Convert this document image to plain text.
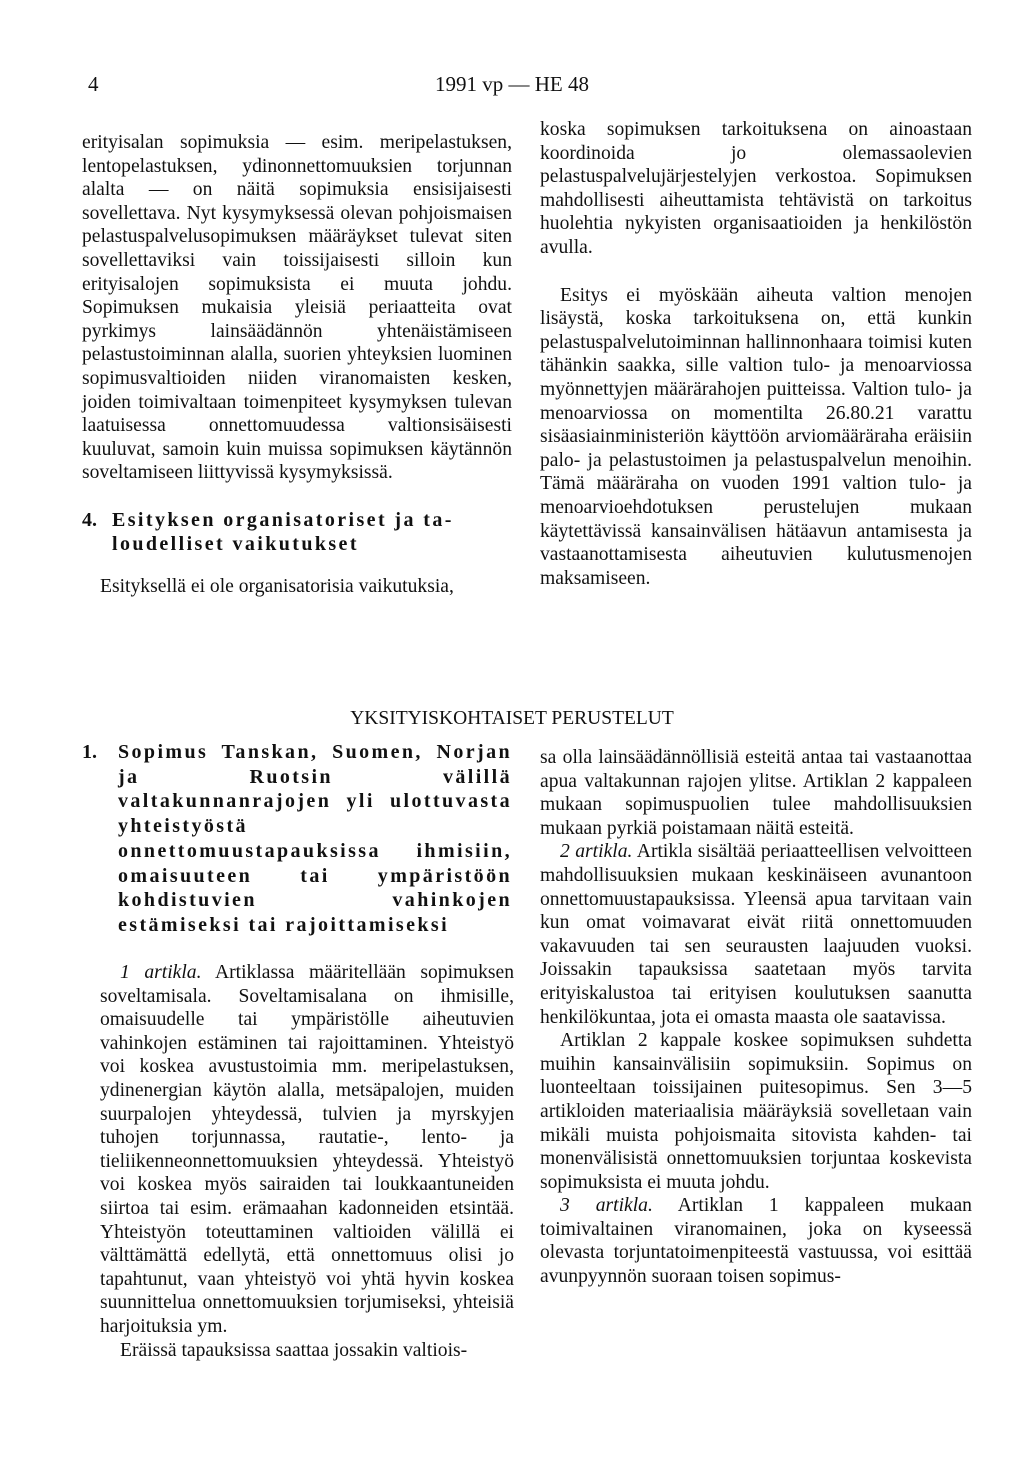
4	1991 vp — HE 48

erityisalan sopimuksia — esim. meripelastuksen, lentopelastuksen, ydinonnettomuuksien torjunnan alalta — on näitä sopimuksia ensisijaisesti sovellettava. Nyt kysymyksessä olevan pohjoismaisen pelastuspalvelusopimuksen määräykset tulevat siten sovellettaviksi vain toissijaisesti silloin kun erityisalojen sopimuksista ei muuta johdu. Sopimuksen mukaisia yleisiä periaatteita ovat pyrkimys lainsäädännön yhtenäistämiseen pelastustoiminnan alalla, suorien yhteyksien luominen sopimusvaltioiden niiden viranomaisten kesken, joiden toimivaltaan toimenpiteet kysymyksen tulevan laatuisessa onnettomuudessa valtionsisäisesti kuuluvat, samoin kuin muissa sopimuksen käytännön soveltamiseen liittyvissä kysymyksissä.

4. Esityksen organisatoriset ja ta-
loudelliset vaikutukset
Esityksellä ei ole organisatorisia vaikutuksia,

koska sopimuksen tarkoituksena on ainoastaan koordinoida jo olemassaolevien pelastuspalvelujärjestelyjen verkostoa. Sopimuksen mahdollisesti aiheuttamista tehtävistä on tarkoitus huolehtia nykyisten organisaatioiden ja henkilöstön avulla.

Esitys ei myöskään aiheuta valtion menojen lisäystä, koska tarkoituksena on, että kunkin pelastuspalvelutoiminnan hallinnonhaara toimisi kuten tähänkin saakka, sille valtion tulo- ja menoarviossa myönnettyjen määrärahojen puitteissa. Valtion tulo- ja menoarviossa on momentilta 26.80.21 varattu sisäasiainministeriön käyttöön arviomääräraha eräisiin palo- ja pelastustoimen ja pelastuspalvelun menoihin. Tämä määräraha on vuoden 1991 valtion tulo- ja menoarvioehdotuksen perustelujen mukaan käytettävissä kansainvälisen hätäavun antamisesta ja vastaanottamisesta aiheutuvien kulutusmenojen maksamiseen.

YKSITYISKOHTAISET PERUSTELUT
1.	Sopimus Tanskan, Suomen, Norjan ja Ruotsin välillä valtakunnanrajojen yli ulottuvasta yhteistyöstä onnettomuustapauksissa ihmisiin, omaisuuteen tai ympäristöön kohdistuvien vahinkojen estämiseksi tai rajoittamiseksi

1 artikla. Artiklassa määritellään sopimuksen soveltamisala. Soveltamisalana on ihmisille, omaisuudelle tai ympäristölle aiheutuvien vahinkojen estäminen tai rajoittaminen. Yhteistyö voi koskea avustustoimia mm. meripelastuksen, ydinenergian käytön alalla, metsäpalojen, muiden suurpalojen yhteydessä, tulvien ja myrskyjen tuhojen torjunnassa, rautatie-, lento- ja tieliikenneonnettomuuksien yhteydessä. Yhteistyö voi koskea myös sairaiden tai loukkaantuneiden siirtoa tai esim. erämaahan kadonneiden etsintää. Yhteistyön toteuttaminen valtioiden välillä ei välttämättä edellytä, että onnettomuus olisi jo tapahtunut, vaan yhteistyö voi yhtä hyvin koskea suunnittelua onnettomuuksien torjumiseksi, yhteisiä harjoituksia ym.

Eräissä tapauksissa saattaa jossakin valtiois-

sa olla lainsäädännöllisiä esteitä antaa tai vastaanottaa apua valtakunnan rajojen ylitse. Artiklan 2 kappaleen mukaan sopimuspuolien tulee mahdollisuuksien mukaan pyrkiä poistamaan näitä esteitä.

2 artikla. Artikla sisältää periaatteellisen velvoitteen mahdollisuuksien mukaan keskinäiseen avunantoon onnettomuustapauksissa. Yleensä apua tarvitaan vain kun omat voimavarat eivät riitä onnettomuuden vakavuuden tai sen seurausten laajuuden vuoksi. Joissakin tapauksissa saatetaan myös tarvita erityiskalustoa tai erityisen koulutuksen saanutta henkilökuntaa, jota ei omasta maasta ole saatavissa.

Artiklan 2 kappale koskee sopimuksen suhdetta muihin kansainvälisiin sopimuksiin. Sopimus on luonteeltaan toissijainen puitesopimus. Sen 3—5 artikloiden materiaalisia määräyksiä sovelletaan vain mikäli muista pohjoismaita sitovista kahden- tai monenvälisistä onnettomuuksien torjuntaa koskevista sopimuksista ei muuta johdu.

3 artikla. Artiklan 1 kappaleen mukaan toimivaltainen viranomainen, joka on kyseessä olevasta torjuntatoimenpiteestä vastuussa, voi esittää avunpyynnön suoraan toisen sopimus-
